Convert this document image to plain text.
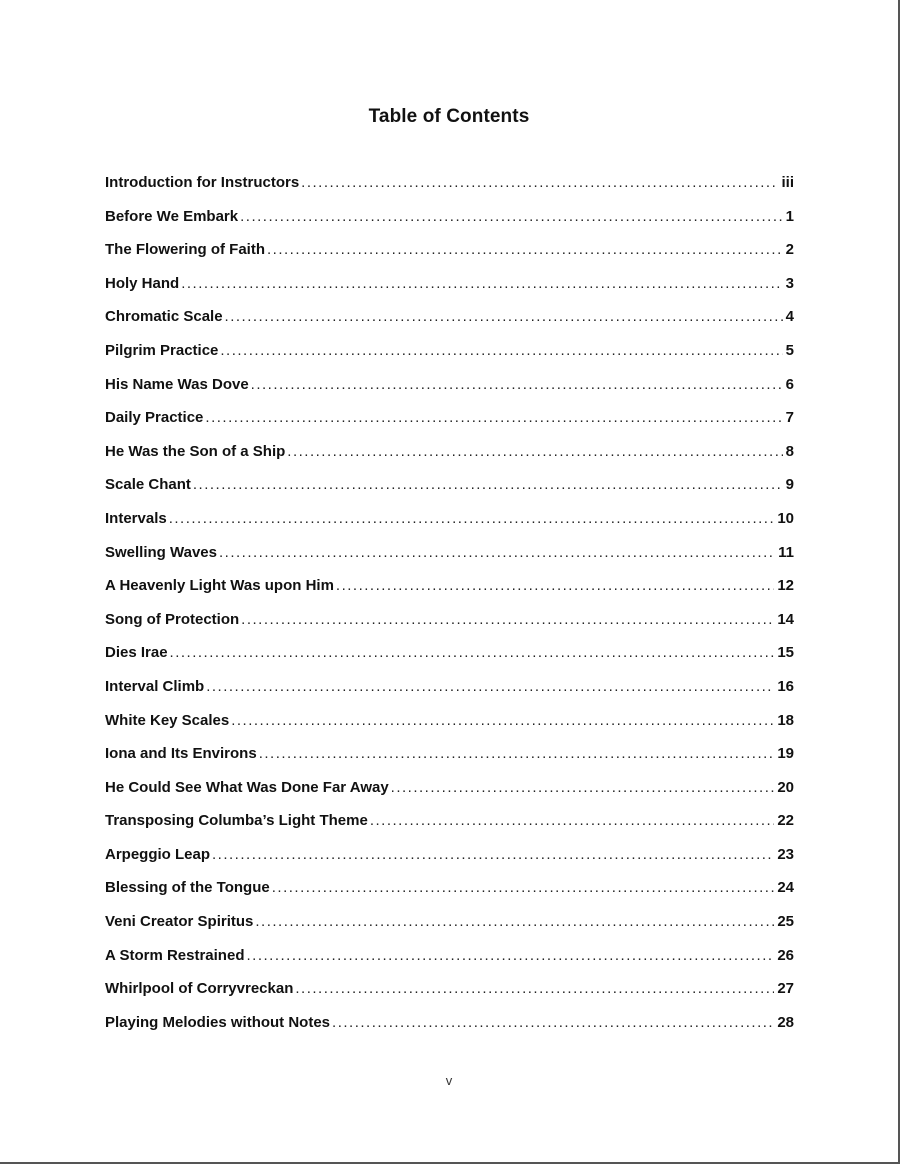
Table of Contents
Introduction for Instructors .....	iii
Before We Embark .....	1
The Flowering of Faith .....	2
Holy Hand .....	3
Chromatic Scale .....	4
Pilgrim Practice .....	5
His Name Was Dove .....	6
Daily Practice .....	7
He Was the Son of a Ship .....	8
Scale Chant .....	9
Intervals .....	10
Swelling Waves .....	11
A Heavenly Light Was upon Him .....	12
Song of Protection .....	14
Dies Irae .....	15
Interval Climb .....	16
White Key Scales .....	18
Iona and Its Environs .....	19
He Could See What Was Done Far Away .....	20
Transposing Columba’s Light Theme .....	22
Arpeggio Leap .....	23
Blessing of the Tongue .....	24
Veni Creator Spiritus .....	25
A Storm Restrained .....	26
Whirlpool of Corryvreckan .....	27
Playing Melodies without Notes .....	28
v
